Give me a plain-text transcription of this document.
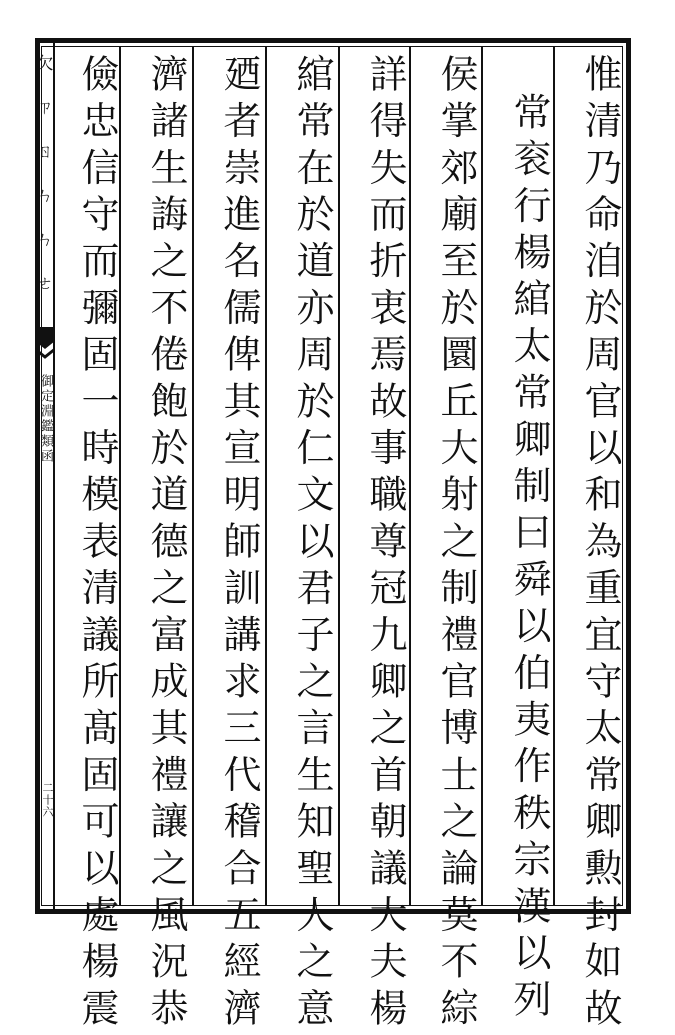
欠
ㄗ
ㄖ
ㄣ
ㄣ
ㄜ
御定淵鑑類函
二十六	惟清乃命洎於周官以和為重宜守太常卿勲封如故
常衮行楊綰太常卿制曰舜以伯夷作秩宗漢以列
侯掌郊廟至於圜丘大射之制禮官博士之論莫不綜
詳得失而折衷焉故事職尊冠九卿之首朝議大夫楊
綰常在於道亦周於仁文以君子之言生知聖人之意
廼者崇進名儒俾其宣明師訓講求三代稽合五經濟
濟諸生誨之不倦飽於道德之富成其禮讓之風況恭
儉忠信守而彌固一時模表清議所髙固可以處楊震
